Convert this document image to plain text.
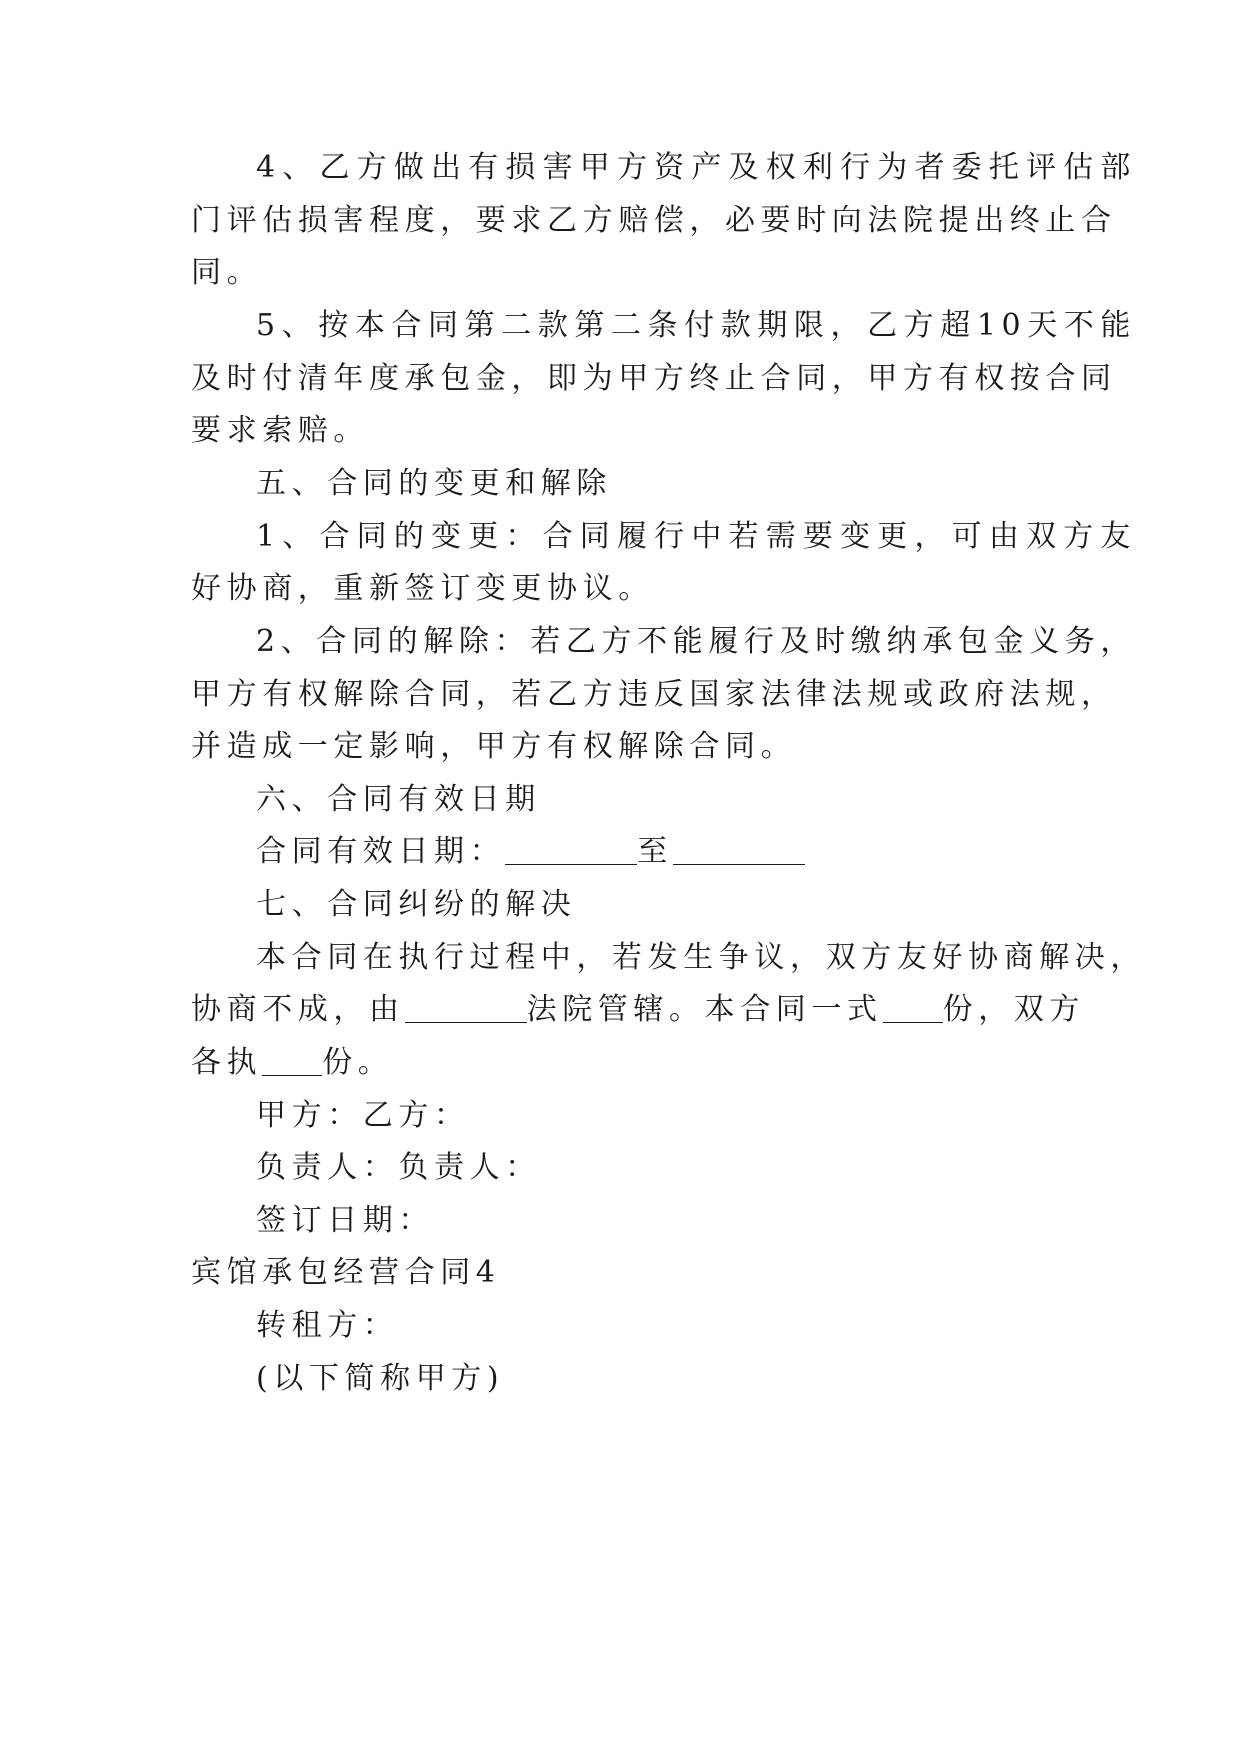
4、乙方做出有损害甲方资产及权利行为者委托评估部
门评估损害程度，要求乙方赔偿，必要时向法院提出终止合
同。
5、按本合同第二款第二条付款期限，乙方超10天不能
及时付清年度承包金，即为甲方终止合同，甲方有权按合同
要求索赔。
五、合同的变更和解除
1、合同的变更：合同履行中若需要变更，可由双方友
好协商，重新签订变更协议。
2、合同的解除：若乙方不能履行及时缴纳承包金义务，
甲方有权解除合同，若乙方违反国家法律法规或政府法规，
并造成一定影响，甲方有权解除合同。
六、合同有效日期
合同有效日期：	至
七、合同纠纷的解决
本合同在执行过程中，若发生争议，双方友好协商解决，
协商不成，由	法院管辖。本合同一式 份，双方
各执 份。
甲方：乙方：
负责人：负责人：
签订日期：
宾馆承包经营合同4
转租方：
(以下简称甲方)
